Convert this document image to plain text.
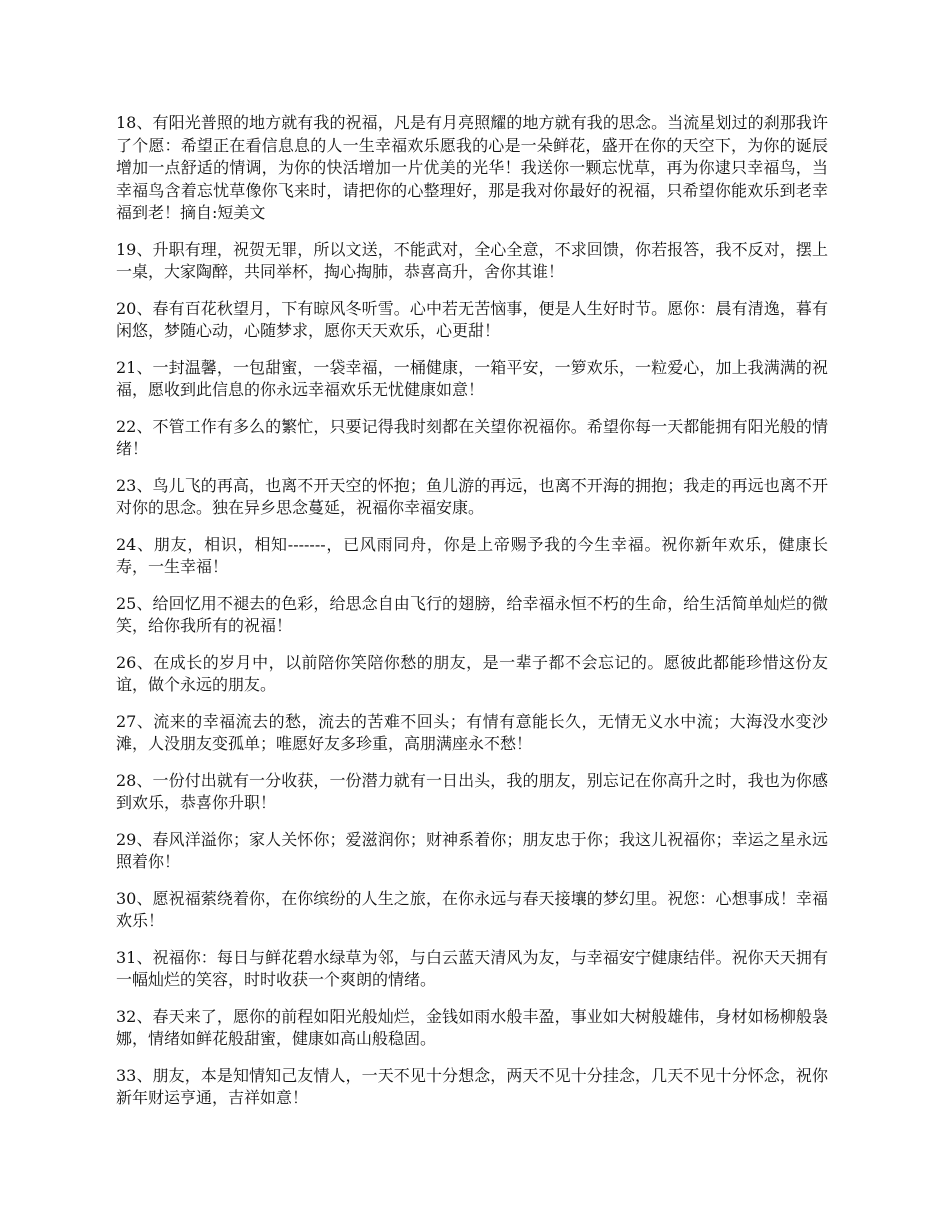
18、有阳光普照的地方就有我的祝福，凡是有月亮照耀的地方就有我的思念。当流星划过的刹那我许了个愿：希望正在看信息息的人一生幸福欢乐愿我的心是一朵鲜花，盛开在你的天空下，为你的诞辰增加一点舒适的情调，为你的快活增加一片优美的光华！我送你一颗忘忧草，再为你逮只幸福鸟，当幸福鸟含着忘忧草像你飞来时，请把你的心整理好，那是我对你最好的祝福，只希望你能欢乐到老幸福到老！摘自:短美文

19、升职有理，祝贺无罪，所以文送，不能武对，全心全意，不求回馈，你若报答，我不反对，摆上一桌，大家陶醉，共同举杯，掏心掏肺，恭喜高升，舍你其谁！

20、春有百花秋望月，下有晾风冬听雪。心中若无苦恼事，便是人生好时节。愿你：晨有清逸，暮有闲悠，梦随心动，心随梦求，愿你天天欢乐，心更甜！

21、一封温馨，一包甜蜜，一袋幸福，一桶健康，一箱平安，一箩欢乐，一粒爱心，加上我满满的祝福，愿收到此信息的你永远幸福欢乐无忧健康如意！

22、不管工作有多么的繁忙，只要记得我时刻都在关望你祝福你。希望你每一天都能拥有阳光般的情绪！

23、鸟儿飞的再高，也离不开天空的怀抱；鱼儿游的再远，也离不开海的拥抱；我走的再远也离不开对你的思念。独在异乡思念蔓延，祝福你幸福安康。

24、朋友，相识，相知-------，已风雨同舟，你是上帝赐予我的今生幸福。祝你新年欢乐，健康长寿，一生幸福！

25、给回忆用不褪去的色彩，给思念自由飞行的翅膀，给幸福永恒不朽的生命，给生活简单灿烂的微笑，给你我所有的祝福！

26、在成长的岁月中，以前陪你笑陪你愁的朋友，是一辈子都不会忘记的。愿彼此都能珍惜这份友谊，做个永远的朋友。

27、流来的幸福流去的愁，流去的苦难不回头；有情有意能长久，无情无义水中流；大海没水变沙滩，人没朋友变孤单；唯愿好友多珍重，高朋满座永不愁！

28、一份付出就有一分收获，一份潜力就有一日出头，我的朋友，别忘记在你高升之时，我也为你感到欢乐，恭喜你升职！

29、春风洋溢你；家人关怀你；爱滋润你；财神系着你；朋友忠于你；我这儿祝福你；幸运之星永远照着你！

30、愿祝福萦绕着你，在你缤纷的人生之旅，在你永远与春天接壤的梦幻里。祝您：心想事成！幸福欢乐！

31、祝福你：每日与鲜花碧水绿草为邻，与白云蓝天清风为友，与幸福安宁健康结伴。祝你天天拥有一幅灿烂的笑容，时时收获一个爽朗的情绪。

32、春天来了，愿你的前程如阳光般灿烂，金钱如雨水般丰盈，事业如大树般雄伟，身材如杨柳般袅娜，情绪如鲜花般甜蜜，健康如高山般稳固。

33、朋友，本是知情知己友情人，一天不见十分想念，两天不见十分挂念，几天不见十分怀念，祝你新年财运亨通，吉祥如意！
